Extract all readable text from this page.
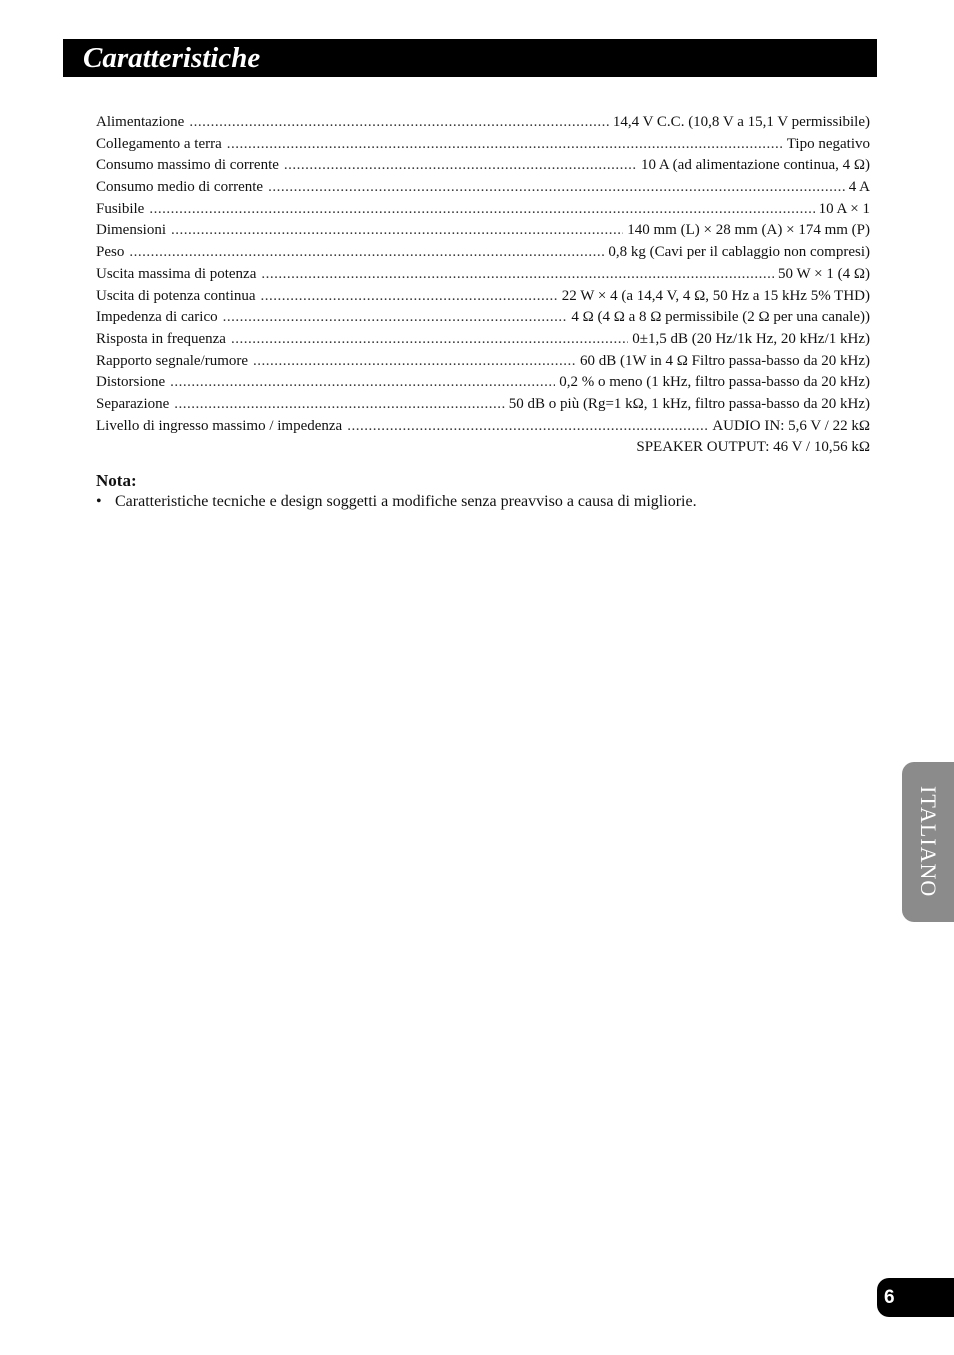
Caratteristiche
Alimentazione .....	14,4 V C.C. (10,8 V a 15,1 V permissibile)
Collegamento a terra .....	Tipo negativo
Consumo massimo di corrente .....	10 A (ad alimentazione continua, 4 Ω)
Consumo medio di corrente .....	4 A
Fusibile .....	10 A × 1
Dimensioni .....	140 mm (L) × 28 mm (A) × 174 mm (P)
Peso .....	0,8 kg (Cavi per il cablaggio non compresi)
Uscita massima di potenza .....	50 W × 1 (4 Ω)
Uscita di potenza continua .....	22 W × 4 (a 14,4 V, 4 Ω, 50 Hz a 15 kHz 5% THD)
Impedenza di carico .....	4 Ω (4 Ω a 8 Ω permissibile (2 Ω per una canale))
Risposta in frequenza .....	0±1,5 dB (20 Hz/1k Hz, 20 kHz/1 kHz)
Rapporto segnale/rumore .....	60 dB (1W in 4 Ω Filtro passa-basso da 20 kHz)
Distorsione .....	0,2 % o meno (1 kHz, filtro passa-basso da 20 kHz)
Separazione .....	50 dB o più (Rg=1 kΩ, 1 kHz, filtro passa-basso da 20 kHz)
Livello di ingresso massimo / impedenza .....	AUDIO IN: 5,6 V / 22 kΩ
SPEAKER OUTPUT: 46 V / 10,56 kΩ
Nota:
• Caratteristiche tecniche e design soggetti a modifiche senza preavviso a causa di migliorie.
ITALIANO
6
